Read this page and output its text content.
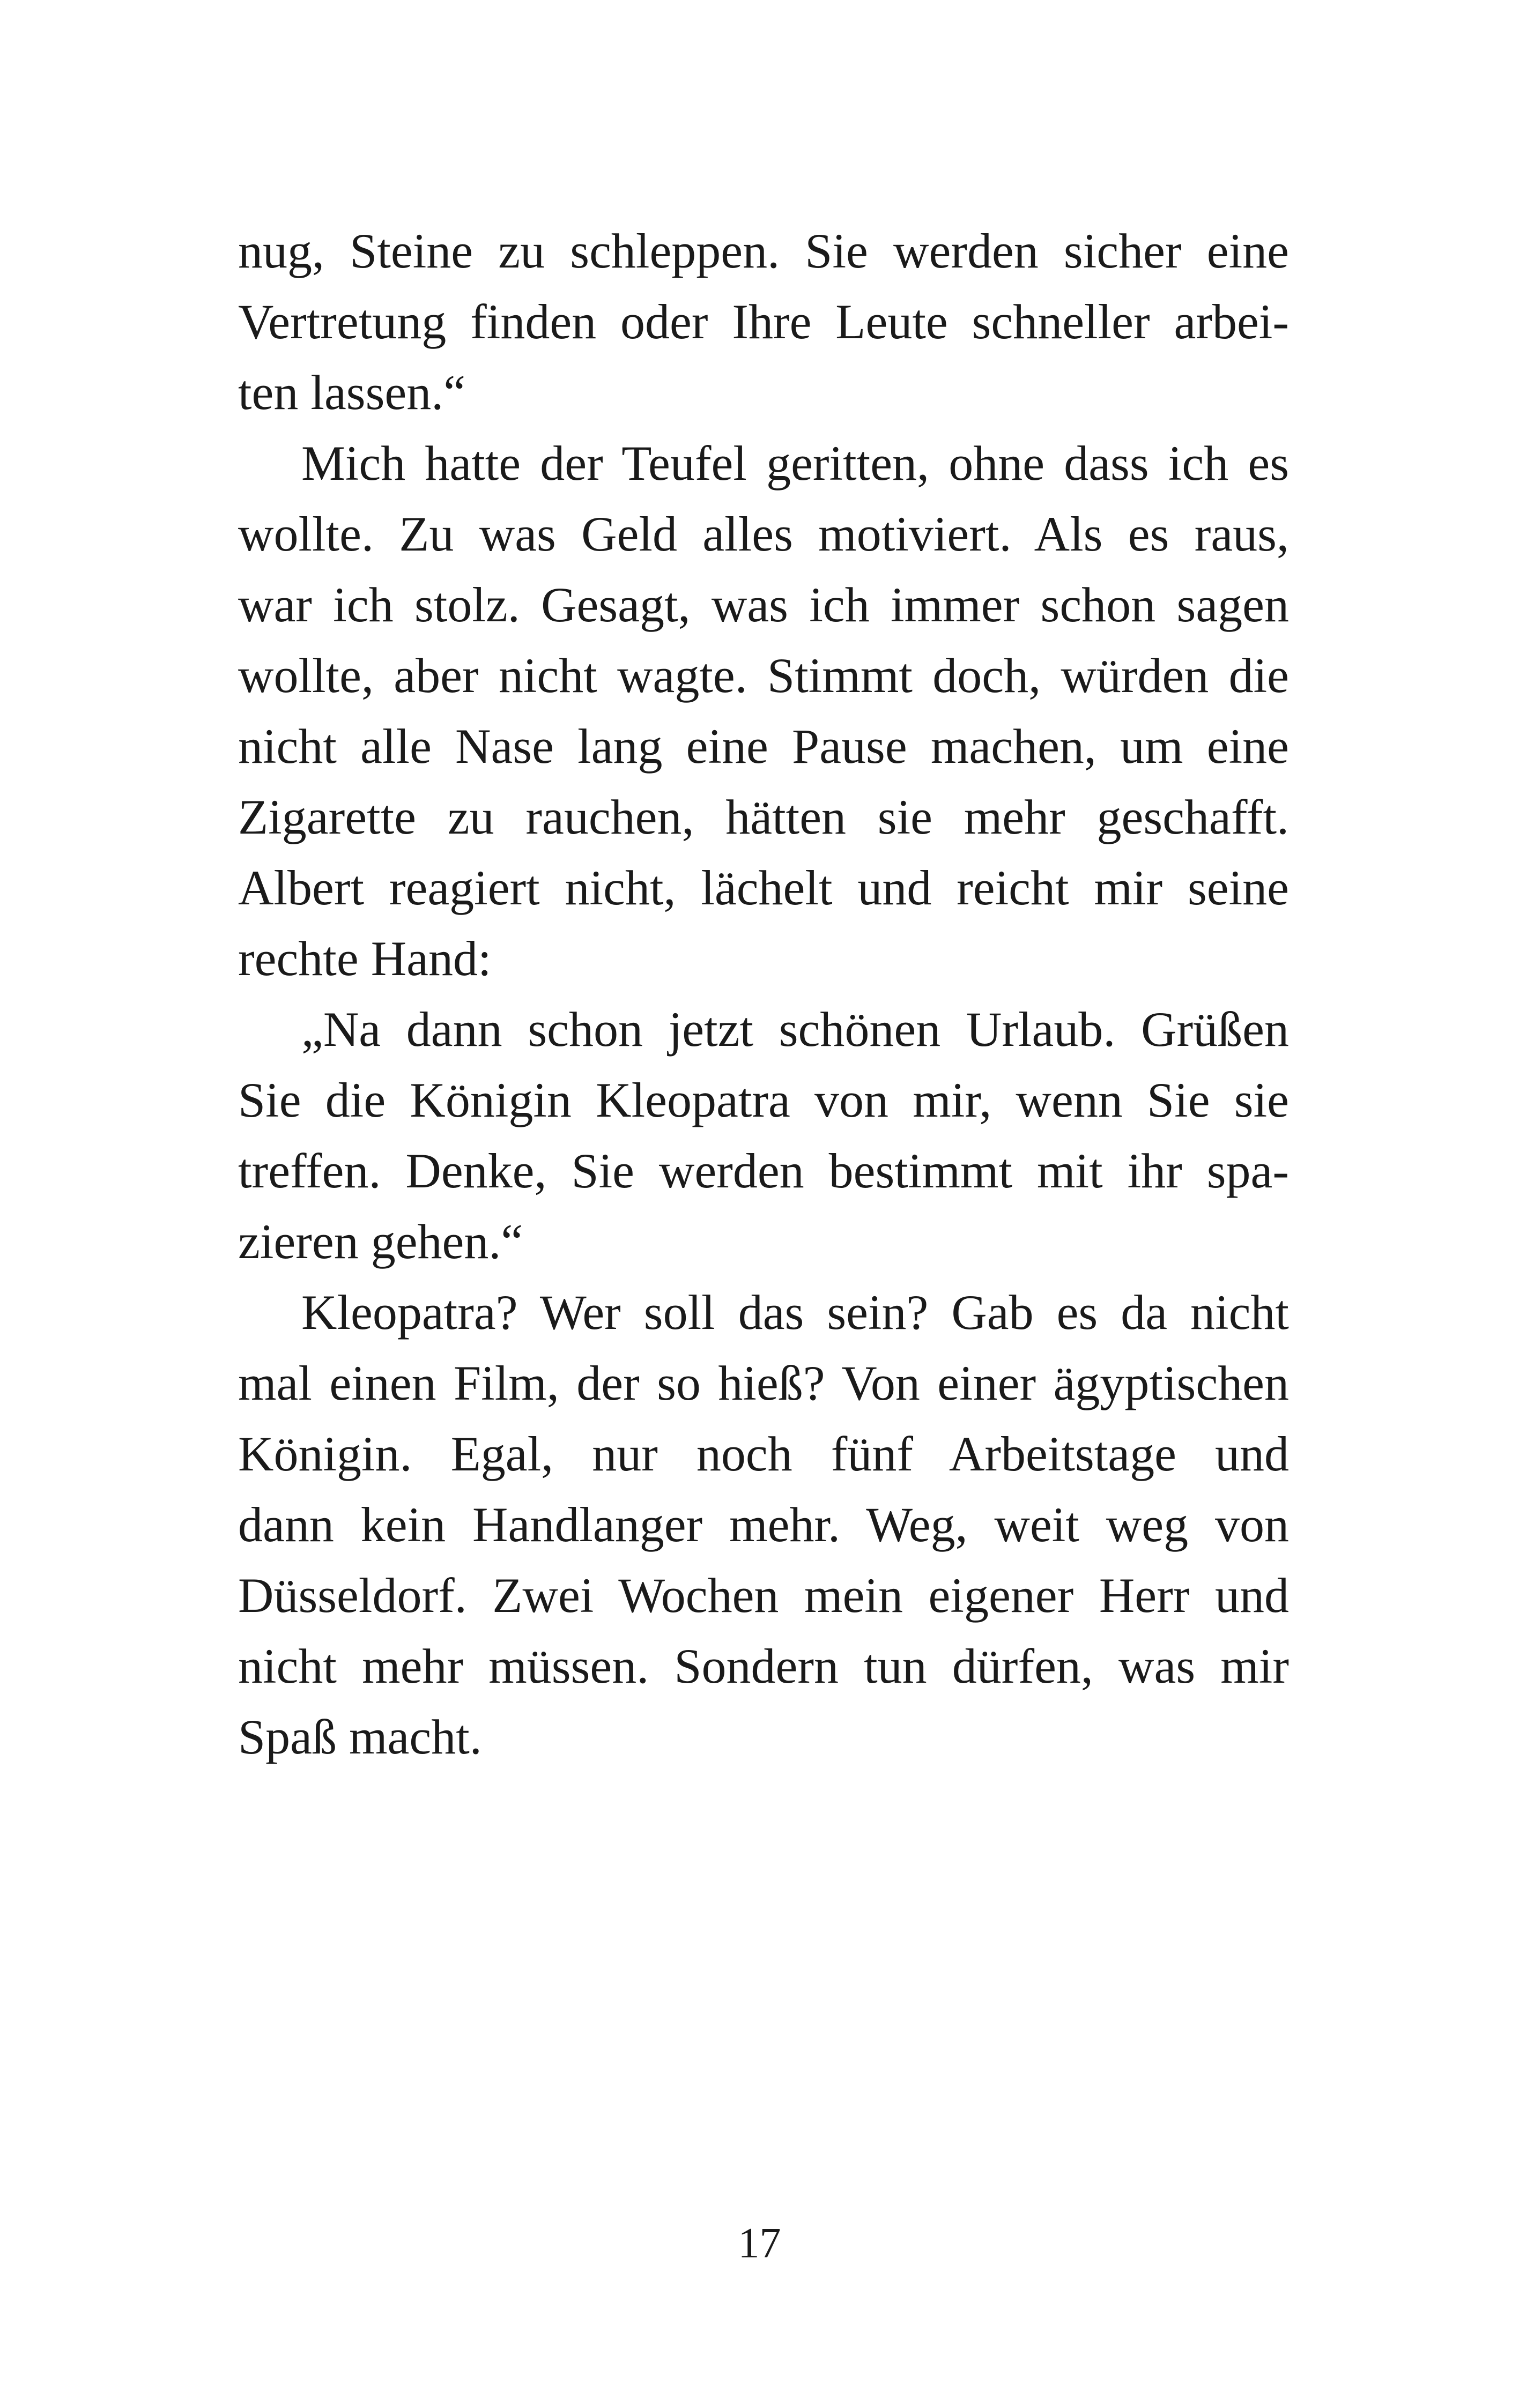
nug, Steine zu schleppen. Sie werden sicher eine
Vertretung finden oder Ihre Leute schneller arbei-
ten lassen.“
Mich hatte der Teufel geritten, ohne dass ich es
wollte. Zu was Geld alles motiviert. Als es raus,
war ich stolz. Gesagt, was ich immer schon sagen
wollte, aber nicht wagte. Stimmt doch, würden die
nicht alle Nase lang eine Pause machen, um eine
Zigarette zu rauchen, hätten sie mehr geschafft.
Albert reagiert nicht, lächelt und reicht mir seine
rechte Hand:
„Na dann schon jetzt schönen Urlaub. Grüßen
Sie die Königin Kleopatra von mir, wenn Sie sie
treffen. Denke, Sie werden bestimmt mit ihr spa-
zieren gehen.“
Kleopatra? Wer soll das sein? Gab es da nicht
mal einen Film, der so hieß? Von einer ägyptischen
Königin. Egal, nur noch fünf Arbeitstage und
dann kein Handlanger mehr. Weg, weit weg von
Düsseldorf. Zwei Wochen mein eigener Herr und
nicht mehr müssen. Sondern tun dürfen, was mir
Spaß macht.
17
